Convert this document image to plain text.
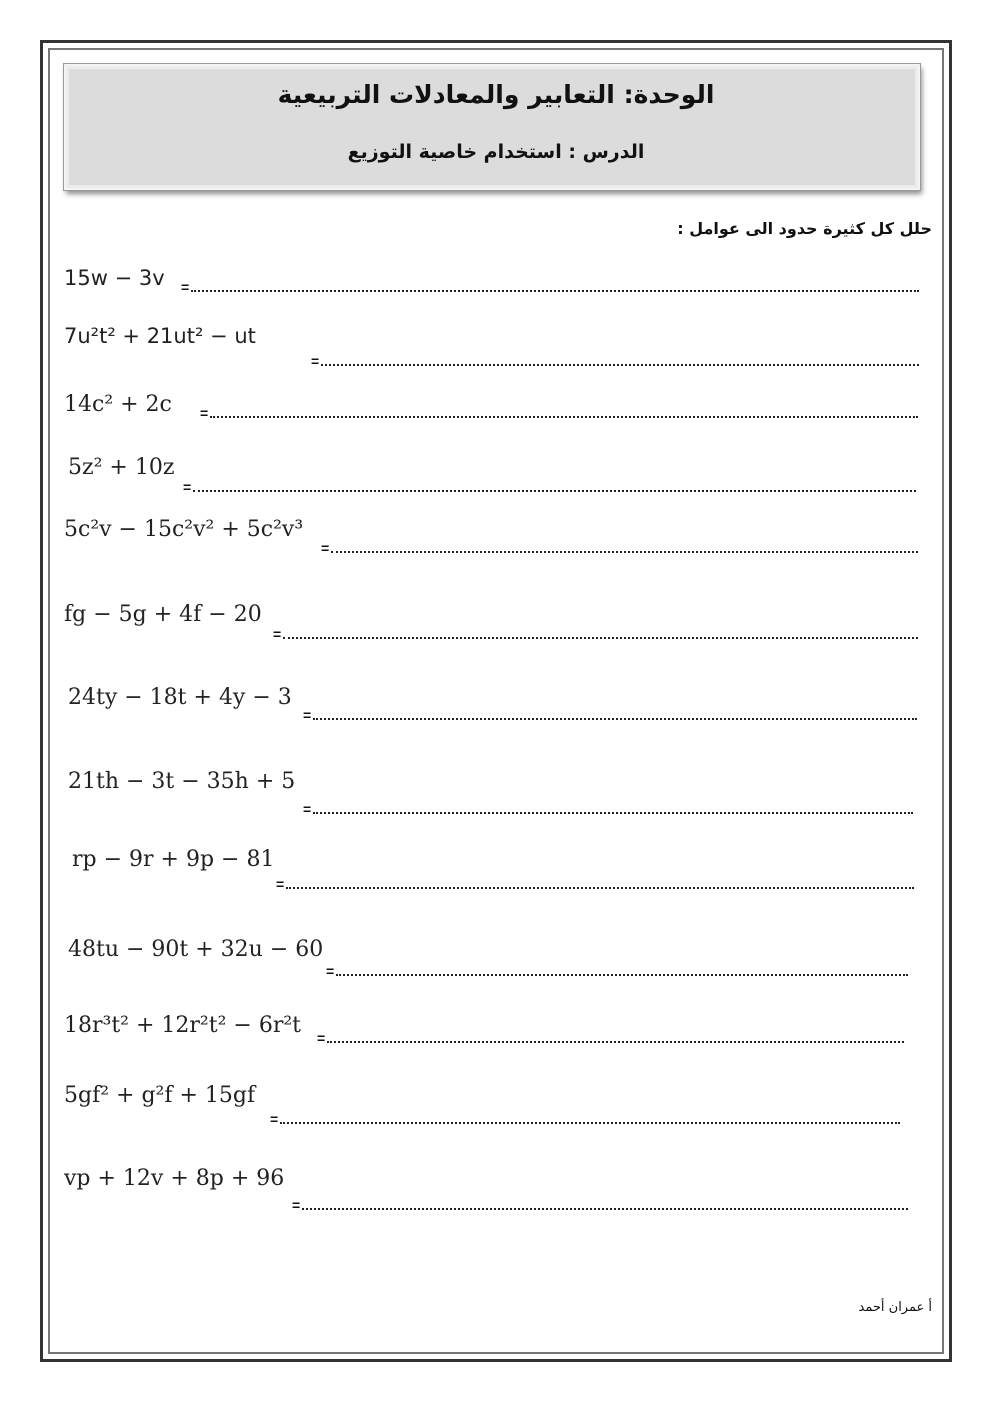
الوحدة: التعابير والمعادلات التربيعية
الدرس : استخدام خاصية التوزيع
حلل كل كثيرة حدود الى عوامل :
15w − 3v =
7u²t² + 21ut² − ut
=
14c² + 2c =
5z² + 10z
=
5c²v − 15c²v² + 5c²v³
=
fg − 5g + 4f − 20
=
24ty − 18t + 4y − 3
=
21th − 3t − 35h + 5
=
rp − 9r + 9p − 81
=
48tu − 90t + 32u − 60
=
18r³t² + 12r²t² − 6r²t =
5gf² + g²f + 15gf
=
vp + 12v + 8p + 96
=
أ عمران أحمد
